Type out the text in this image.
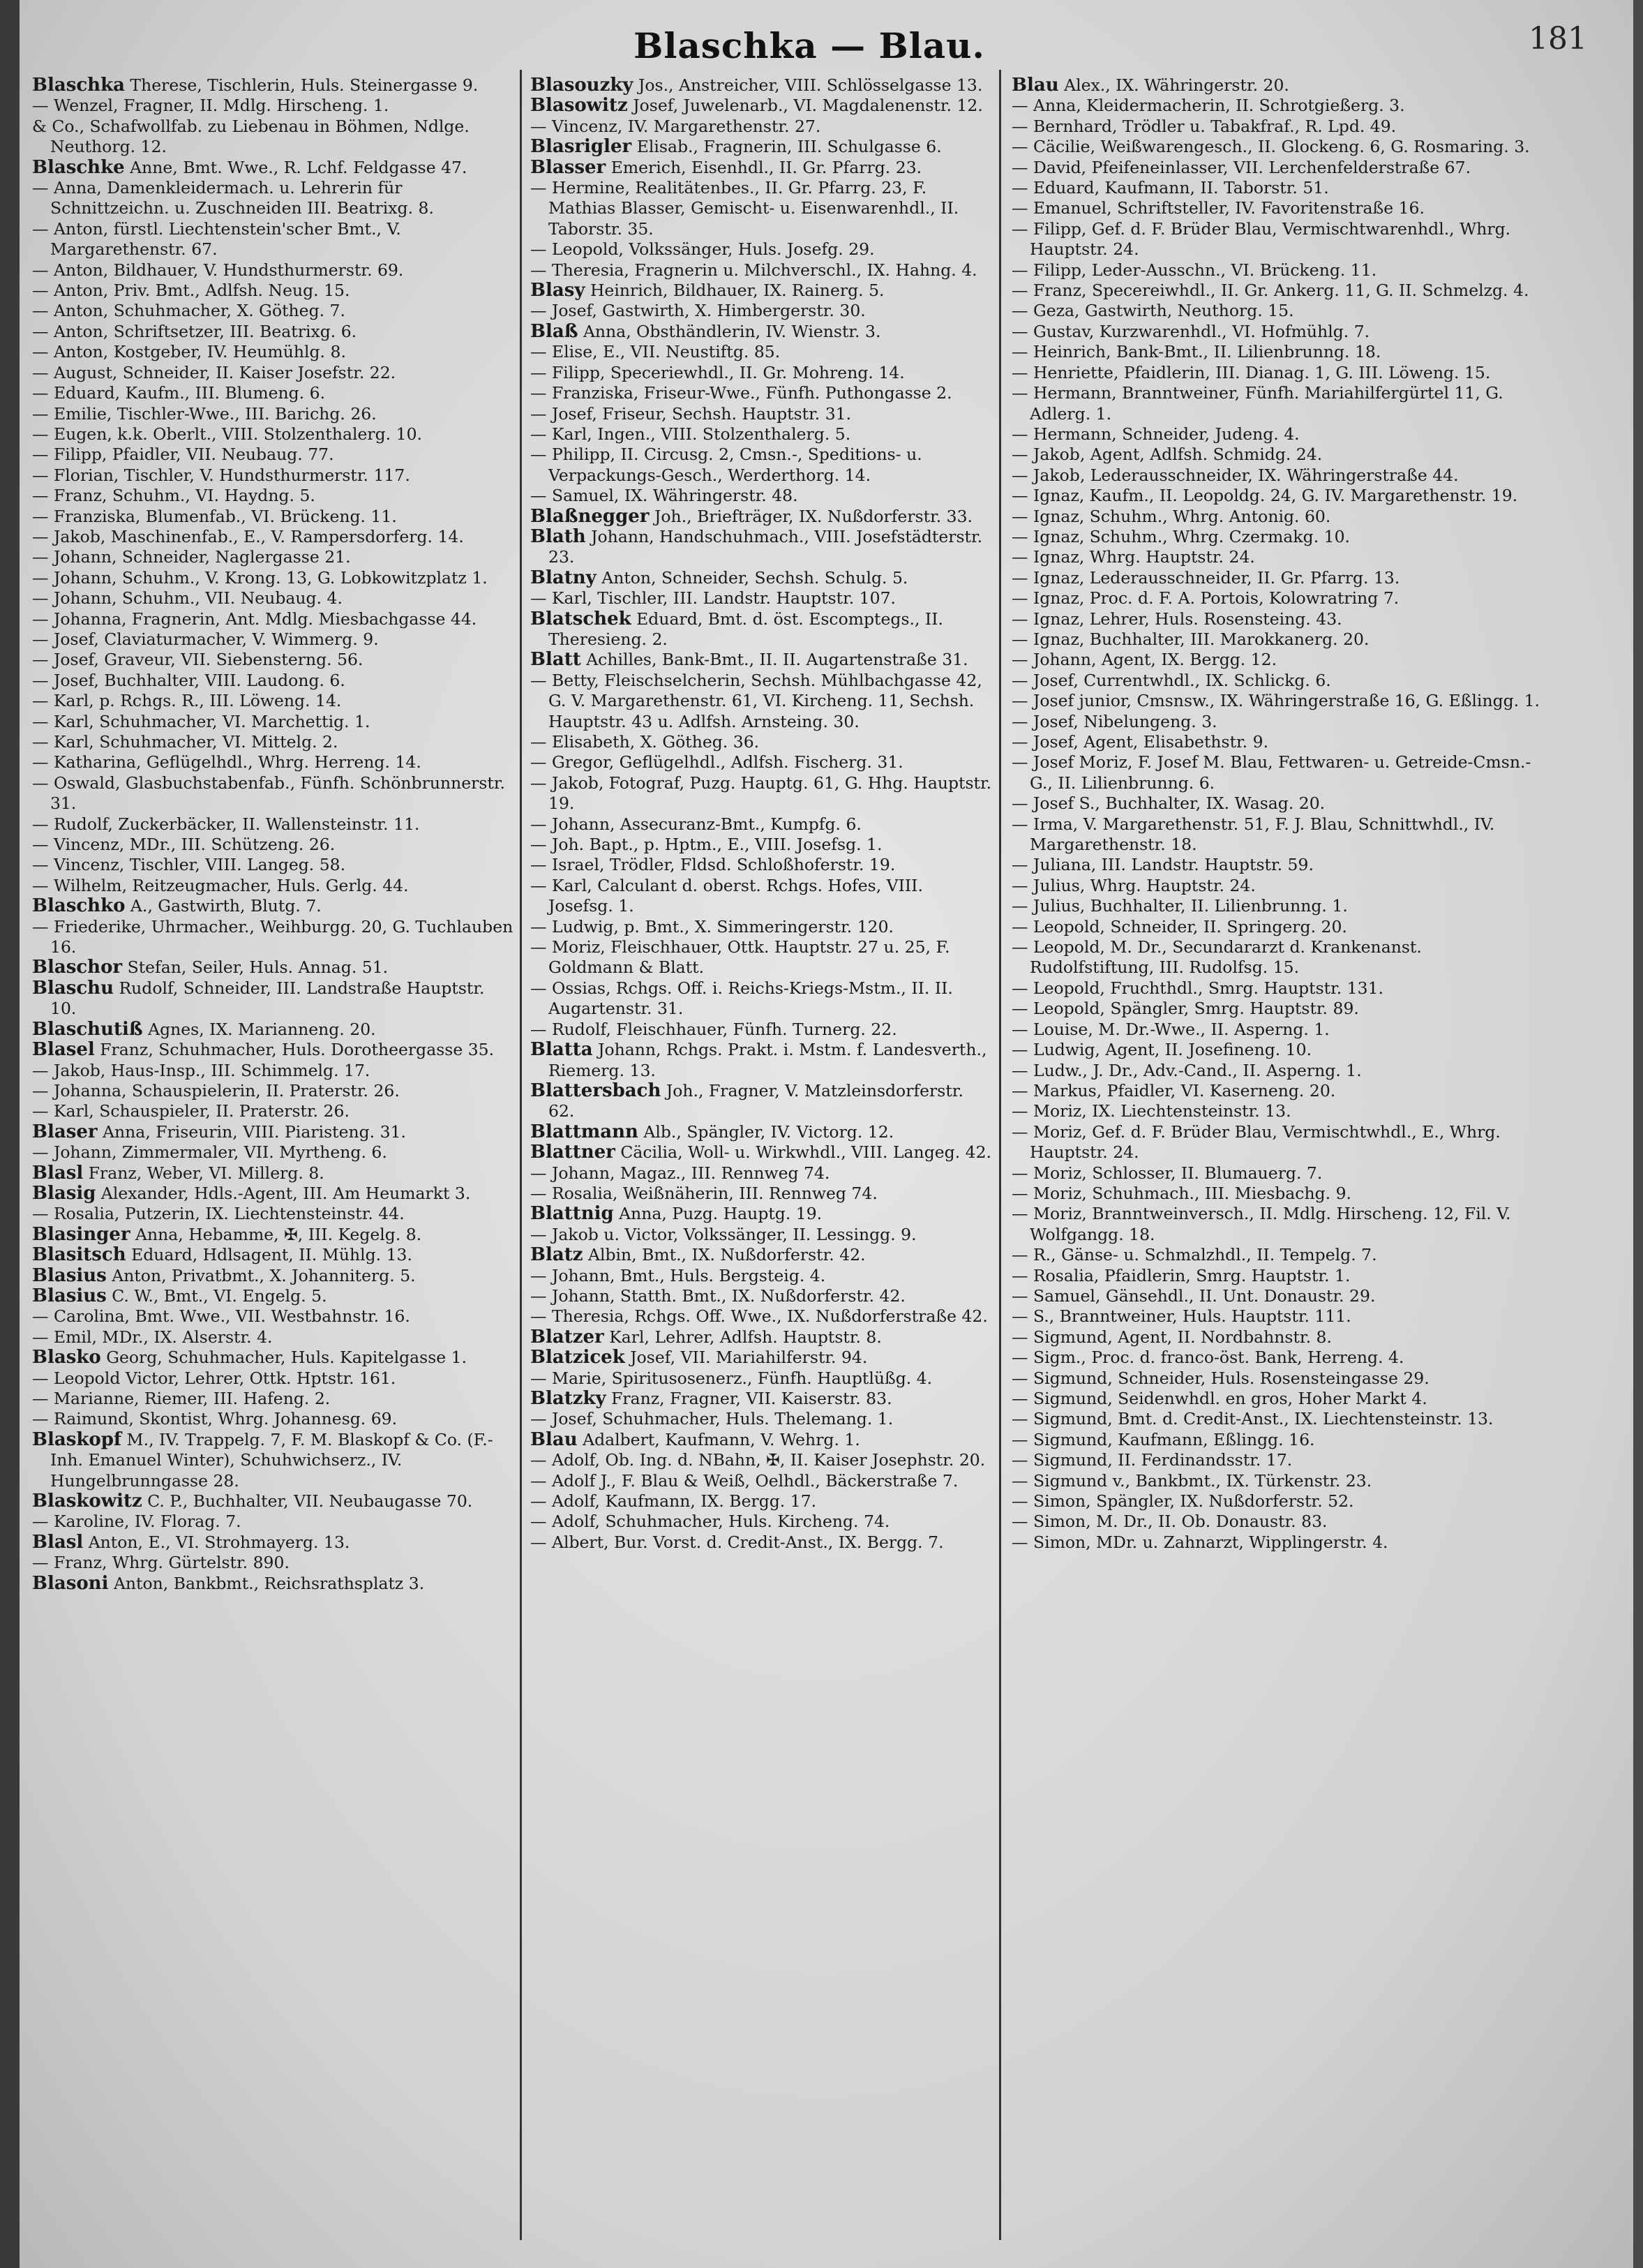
Blaschka — Blau.	181

Blaschka Therese, Tischlerin, Huls. Steinergasse 9.

— Wenzel, Fragner, II. Mdlg. Hirscheng. 1.

& Co., Schafwollfab. zu Liebenau in Böhmen, Ndlge. Neuthorg. 12.

Blaschke Anne, Bmt. Wwe., R. Lchf. Feldgasse 47.

— Anna, Damenkleidermach. u. Lehrerin für Schnittzeichn. u. Zuschneiden III. Beatrixg. 8.

— Anton, fürstl. Liechtenstein'scher Bmt., V. Margarethenstr. 67.

— Anton, Bildhauer, V. Hundsthurmerstr. 69.

— Anton, Priv. Bmt., Adlfsh. Neug. 15.

— Anton, Schuhmacher, X. Götheg. 7.

— Anton, Schriftsetzer, III. Beatrixg. 6.

— Anton, Kostgeber, IV. Heumühlg. 8.

— August, Schneider, II. Kaiser Josefstr. 22.

— Eduard, Kaufm., III. Blumeng. 6.

— Emilie, Tischler-Wwe., III. Barichg. 26.

— Eugen, k.k. Oberlt., VIII. Stolzenthalerg. 10.

— Filipp, Pfaidler, VII. Neubaug. 77.

— Florian, Tischler, V. Hundsthurmerstr. 117.

— Franz, Schuhm., VI. Haydng. 5.

— Franziska, Blumenfab., VI. Brückeng. 11.

— Jakob, Maschinenfab., E., V. Rampersdorferg. 14.

— Johann, Schneider, Naglergasse 21.

— Johann, Schuhm., V. Krong. 13, G. Lobkowitzplatz 1.

— Johann, Schuhm., VII. Neubaug. 4.

— Johanna, Fragnerin, Ant. Mdlg. Miesbachgasse 44.

— Josef, Claviaturmacher, V. Wimmerg. 9.

— Josef, Graveur, VII. Siebensterng. 56.

— Josef, Buchhalter, VIII. Laudong. 6.

— Karl, p. Rchgs. R., III. Löweng. 14.

— Karl, Schuhmacher, VI. Marchettig. 1.

— Karl, Schuhmacher, VI. Mittelg. 2.

— Katharina, Geflügelhdl., Whrg. Herreng. 14.

— Oswald, Glasbuchstabenfab., Fünfh. Schönbrunnerstr. 31.

— Rudolf, Zuckerbäcker, II. Wallensteinstr. 11.

— Vincenz, MDr., III. Schützeng. 26.

— Vincenz, Tischler, VIII. Langeg. 58.

— Wilhelm, Reitzeugmacher, Huls. Gerlg. 44.

Blaschko A., Gastwirth, Blutg. 7.

— Friederike, Uhrmacher., Weihburgg. 20, G. Tuchlauben 16.

Blaschor Stefan, Seiler, Huls. Annag. 51.

Blaschu Rudolf, Schneider, III. Landstraße Hauptstr. 10.

Blaschutiß Agnes, IX. Marianneng. 20.

Blasel Franz, Schuhmacher, Huls. Dorotheergasse 35.

— Jakob, Haus-Insp., III. Schimmelg. 17.

— Johanna, Schauspielerin, II. Praterstr. 26.

— Karl, Schauspieler, II. Praterstr. 26.

Blaser Anna, Friseurin, VIII. Piaristeng. 31.

— Johann, Zimmermaler, VII. Myrtheng. 6.

Blasl Franz, Weber, VI. Millerg. 8.

Blasig Alexander, Hdls.-Agent, III. Am Heumarkt 3.

— Rosalia, Putzerin, IX. Liechtensteinstr. 44.

Blasinger Anna, Hebamme, ✠, III. Kegelg. 8.

Blasitsch Eduard, Hdlsagent, II. Mühlg. 13.

Blasius Anton, Privatbmt., X. Johanniterg. 5.

Blasius C. W., Bmt., VI. Engelg. 5.

— Carolina, Bmt. Wwe., VII. Westbahnstr. 16.

— Emil, MDr., IX. Alserstr. 4.

Blasko Georg, Schuhmacher, Huls. Kapitelgasse 1.

— Leopold Victor, Lehrer, Ottk. Hptstr. 161.

— Marianne, Riemer, III. Hafeng. 2.

— Raimund, Skontist, Whrg. Johannesg. 69.

Blaskopf M., IV. Trappelg. 7, F. M. Blaskopf & Co. (F.-Inh. Emanuel Winter), Schuhwichserz., IV. Hungelbrunngasse 28.

Blaskowitz C. P., Buchhalter, VII. Neubaugasse 70.

— Karoline, IV. Florag. 7.

Blasl Anton, E., VI. Strohmayerg. 13.

— Franz, Whrg. Gürtelstr. 890.

Blasoni Anton, Bankbmt., Reichsrathsplatz 3.

Blasouzky Jos., Anstreicher, VIII. Schlösselgasse 13.

Blasowitz Josef, Juwelenarb., VI. Magdalenenstr. 12.

— Vincenz, IV. Margarethenstr. 27.

Blasrigler Elisab., Fragnerin, III. Schulgasse 6.

Blasser Emerich, Eisenhdl., II. Gr. Pfarrg. 23.

— Hermine, Realitätenbes., II. Gr. Pfarrg. 23, F. Mathias Blasser, Gemischt- u. Eisenwarenhdl., II. Taborstr. 35.

— Leopold, Volkssänger, Huls. Josefg. 29.

— Theresia, Fragnerin u. Milchverschl., IX. Hahng. 4.

Blasy Heinrich, Bildhauer, IX. Rainerg. 5.

— Josef, Gastwirth, X. Himbergerstr. 30.

Blaß Anna, Obsthändlerin, IV. Wienstr. 3.

— Elise, E., VII. Neustiftg. 85.

— Filipp, Speceriewhdl., II. Gr. Mohreng. 14.

— Franziska, Friseur-Wwe., Fünfh. Puthongasse 2.

— Josef, Friseur, Sechsh. Hauptstr. 31.

— Karl, Ingen., VIII. Stolzenthalerg. 5.

— Philipp, II. Circusg. 2, Cmsn.-, Speditions- u. Verpackungs-Gesch., Werderthorg. 14.

— Samuel, IX. Währingerstr. 48.

Blaßnegger Joh., Briefträger, IX. Nußdorferstr. 33.

Blath Johann, Handschuhmach., VIII. Josefstädterstr. 23.

Blatny Anton, Schneider, Sechsh. Schulg. 5.

— Karl, Tischler, III. Landstr. Hauptstr. 107.

Blatschek Eduard, Bmt. d. öst. Escomptegs., II. Theresieng. 2.

Blatt Achilles, Bank-Bmt., II. II. Augartenstraße 31.

— Betty, Fleischselcherin, Sechsh. Mühlbachgasse 42, G. V. Margarethenstr. 61, VI. Kircheng. 11, Sechsh. Hauptstr. 43 u. Adlfsh. Arnsteing. 30.

— Elisabeth, X. Götheg. 36.

— Gregor, Geflügelhdl., Adlfsh. Fischerg. 31.

— Jakob, Fotograf, Puzg. Hauptg. 61, G. Hhg. Hauptstr. 19.

— Johann, Assecuranz-Bmt., Kumpfg. 6.

— Joh. Bapt., p. Hptm., E., VIII. Josefsg. 1.

— Israel, Trödler, Fldsd. Schloßhoferstr. 19.

— Karl, Calculant d. oberst. Rchgs. Hofes, VIII. Josefsg. 1.

— Ludwig, p. Bmt., X. Simmeringerstr. 120.

— Moriz, Fleischhauer, Ottk. Hauptstr. 27 u. 25, F. Goldmann & Blatt.

— Ossias, Rchgs. Off. i. Reichs-Kriegs-Mstm., II. II. Augartenstr. 31.

— Rudolf, Fleischhauer, Fünfh. Turnerg. 22.

Blatta Johann, Rchgs. Prakt. i. Mstm. f. Landesverth., Riemerg. 13.

Blattersbach Joh., Fragner, V. Matzleinsdorferstr. 62.

Blattmann Alb., Spängler, IV. Victorg. 12.

Blattner Cäcilia, Woll- u. Wirkwhdl., VIII. Langeg. 42.

— Johann, Magaz., III. Rennweg 74.

— Rosalia, Weißnäherin, III. Rennweg 74.

Blattnig Anna, Puzg. Hauptg. 19.

— Jakob u. Victor, Volkssänger, II. Lessingg. 9.

Blatz Albin, Bmt., IX. Nußdorferstr. 42.

— Johann, Bmt., Huls. Bergsteig. 4.

— Johann, Statth. Bmt., IX. Nußdorferstr. 42.

— Theresia, Rchgs. Off. Wwe., IX. Nußdorferstraße 42.

Blatzer Karl, Lehrer, Adlfsh. Hauptstr. 8.

Blatzicek Josef, VII. Mariahilferstr. 94.

— Marie, Spiritusosenerz., Fünfh. Hauptlüßg. 4.

Blatzky Franz, Fragner, VII. Kaiserstr. 83.

— Josef, Schuhmacher, Huls. Thelemang. 1.

Blau Adalbert, Kaufmann, V. Wehrg. 1.

— Adolf, Ob. Ing. d. NBahn, ✠, II. Kaiser Josephstr. 20.

— Adolf J., F. Blau & Weiß, Oelhdl., Bäckerstraße 7.

— Adolf, Kaufmann, IX. Bergg. 17.

— Adolf, Schuhmacher, Huls. Kircheng. 74.

— Albert, Bur. Vorst. d. Credit-Anst., IX. Bergg. 7.

Blau Alex., IX. Währingerstr. 20.

— Anna, Kleidermacherin, II. Schrotgießerg. 3.

— Bernhard, Trödler u. Tabakfraf., R. Lpd. 49.

— Cäcilie, Weißwarengesch., II. Glockeng. 6, G. Rosmaring. 3.

— David, Pfeifeneinlasser, VII. Lerchenfelderstraße 67.

— Eduard, Kaufmann, II. Taborstr. 51.

— Emanuel, Schriftsteller, IV. Favoritenstraße 16.

— Filipp, Gef. d. F. Brüder Blau, Vermischtwarenhdl., Whrg. Hauptstr. 24.

— Filipp, Leder-Ausschn., VI. Brückeng. 11.

— Franz, Specereiwhdl., II. Gr. Ankerg. 11, G. II. Schmelzg. 4.

— Geza, Gastwirth, Neuthorg. 15.

— Gustav, Kurzwarenhdl., VI. Hofmühlg. 7.

— Heinrich, Bank-Bmt., II. Lilienbrunng. 18.

— Henriette, Pfaidlerin, III. Dianag. 1, G. III. Löweng. 15.

— Hermann, Branntweiner, Fünfh. Mariahilfergürtel 11, G. Adlerg. 1.

— Hermann, Schneider, Judeng. 4.

— Jakob, Agent, Adlfsh. Schmidg. 24.

— Jakob, Lederausschneider, IX. Währingerstraße 44.

— Ignaz, Kaufm., II. Leopoldg. 24, G. IV. Margarethenstr. 19.

— Ignaz, Schuhm., Whrg. Antonig. 60.

— Ignaz, Schuhm., Whrg. Czermakg. 10.

— Ignaz, Whrg. Hauptstr. 24.

— Ignaz, Lederausschneider, II. Gr. Pfarrg. 13.

— Ignaz, Proc. d. F. A. Portois, Kolowratring 7.

— Ignaz, Lehrer, Huls. Rosensteing. 43.

— Ignaz, Buchhalter, III. Marokkanerg. 20.

— Johann, Agent, IX. Bergg. 12.

— Josef, Currentwhdl., IX. Schlickg. 6.

— Josef junior, Cmsnsw., IX. Währingerstraße 16, G. Eßlingg. 1.

— Josef, Nibelungeng. 3.

— Josef, Agent, Elisabethstr. 9.

— Josef Moriz, F. Josef M. Blau, Fettwaren- u. Getreide-Cmsn.-G., II. Lilienbrunng. 6.

— Josef S., Buchhalter, IX. Wasag. 20.

— Irma, V. Margarethenstr. 51, F. J. Blau, Schnittwhdl., IV. Margarethenstr. 18.

— Juliana, III. Landstr. Hauptstr. 59.

— Julius, Whrg. Hauptstr. 24.

— Julius, Buchhalter, II. Lilienbrunng. 1.

— Leopold, Schneider, II. Springerg. 20.

— Leopold, M. Dr., Secundararzt d. Krankenanst. Rudolfstiftung, III. Rudolfsg. 15.

— Leopold, Fruchthdl., Smrg. Hauptstr. 131.

— Leopold, Spängler, Smrg. Hauptstr. 89.

— Louise, M. Dr.-Wwe., II. Asperng. 1.

— Ludwig, Agent, II. Josefineng. 10.

— Ludw., J. Dr., Adv.-Cand., II. Asperng. 1.

— Markus, Pfaidler, VI. Kaserneng. 20.

— Moriz, IX. Liechtensteinstr. 13.

— Moriz, Gef. d. F. Brüder Blau, Vermischtwhdl., E., Whrg. Hauptstr. 24.

— Moriz, Schlosser, II. Blumauerg. 7.

— Moriz, Schuhmach., III. Miesbachg. 9.

— Moriz, Branntweinversch., II. Mdlg. Hirscheng. 12, Fil. V. Wolfgangg. 18.

— R., Gänse- u. Schmalzhdl., II. Tempelg. 7.

— Rosalia, Pfaidlerin, Smrg. Hauptstr. 1.

— Samuel, Gänsehdl., II. Unt. Donaustr. 29.

— S., Branntweiner, Huls. Hauptstr. 111.

— Sigmund, Agent, II. Nordbahnstr. 8.

— Sigm., Proc. d. franco-öst. Bank, Herreng. 4.

— Sigmund, Schneider, Huls. Rosensteingasse 29.

— Sigmund, Seidenwhdl. en gros, Hoher Markt 4.

— Sigmund, Bmt. d. Credit-Anst., IX. Liechtensteinstr. 13.

— Sigmund, Kaufmann, Eßlingg. 16.

— Sigmund, II. Ferdinandsstr. 17.

— Sigmund v., Bankbmt., IX. Türkenstr. 23.

— Simon, Spängler, IX. Nußdorferstr. 52.

— Simon, M. Dr., II. Ob. Donaustr. 83.

— Simon, MDr. u. Zahnarzt, Wipplingerstr. 4.
